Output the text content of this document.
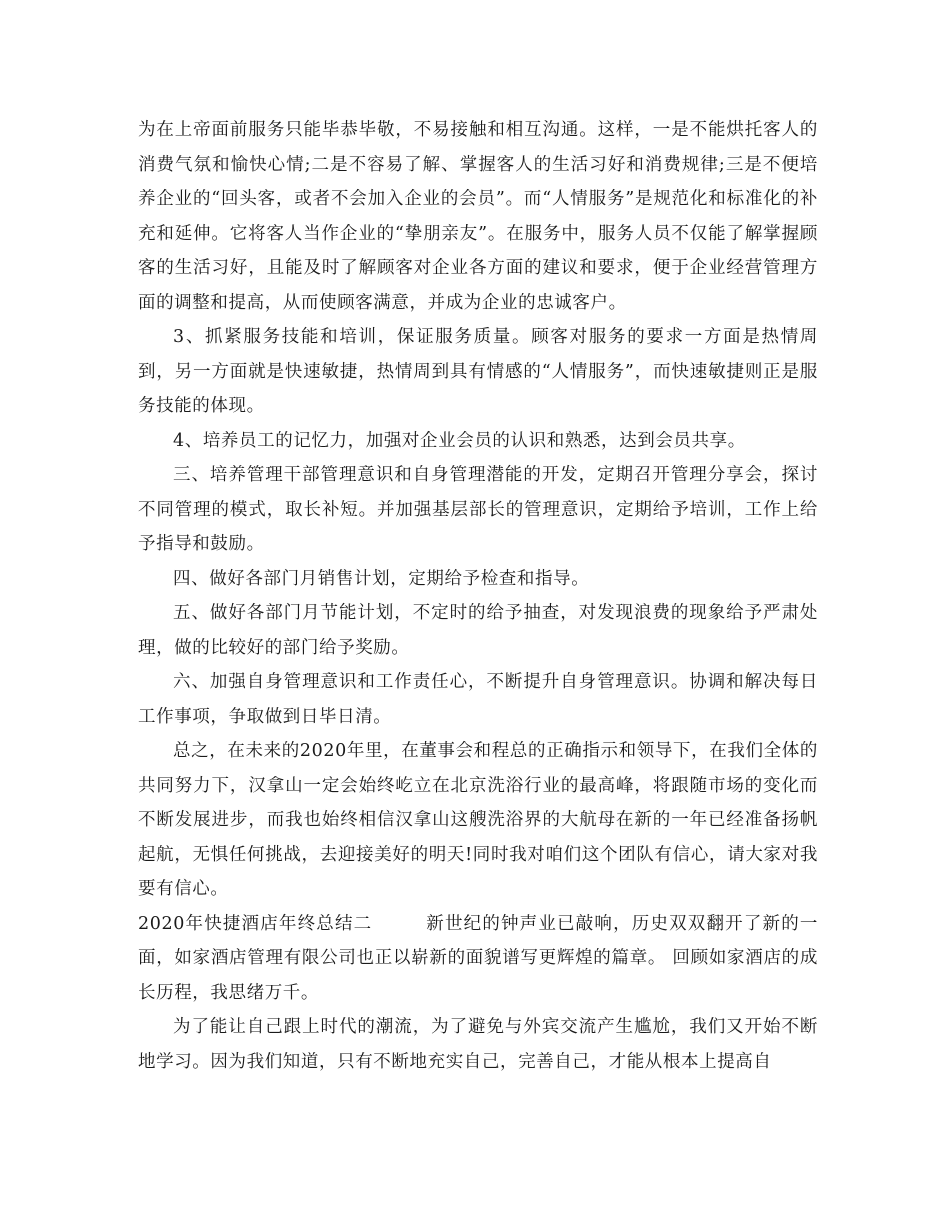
为在上帝面前服务只能毕恭毕敬，不易接触和相互沟通。这样，一是不能烘托客人的消费气氛和愉快心情;二是不容易了解、掌握客人的生活习好和消费规律;三是不便培养企业的“回头客，或者不会加入企业的会员”。而“人情服务”是规范化和标准化的补充和延伸。它将客人当作企业的“挚朋亲友”。在服务中，服务人员不仅能了解掌握顾客的生活习好，且能及时了解顾客对企业各方面的建议和要求，便于企业经营管理方面的调整和提高，从而使顾客满意，并成为企业的忠诚客户。

3、抓紧服务技能和培训，保证服务质量。顾客对服务的要求一方面是热情周到，另一方面就是快速敏捷，热情周到具有情感的“人情服务”，而快速敏捷则正是服务技能的体现。

4、培养员工的记忆力，加强对企业会员的认识和熟悉，达到会员共享。

三、培养管理干部管理意识和自身管理潜能的开发，定期召开管理分享会，探讨不同管理的模式，取长补短。并加强基层部长的管理意识，定期给予培训，工作上给予指导和鼓励。

四、做好各部门月销售计划，定期给予检查和指导。

五、做好各部门月节能计划，不定时的给予抽查，对发现浪费的现象给予严肃处理，做的比较好的部门给予奖励。

六、加强自身管理意识和工作责任心，不断提升自身管理意识。协调和解决每日工作事项，争取做到日毕日清。

总之，在未来的2020年里，在董事会和程总的正确指示和领导下，在我们全体的共同努力下，汉拿山一定会始终屹立在北京洗浴行业的最高峰，将跟随市场的变化而不断发展进步，而我也始终相信汉拿山这艘洗浴界的大航母在新的一年已经准备扬帆起航，无惧任何挑战，去迎接美好的明天!同时我对咱们这个团队有信心，请大家对我要有信心。

2020年快捷酒店年终总结二	新世纪的钟声业已敲响，历史双双翻开了新的一面，如家酒店管理有限公司也正以崭新的面貌谱写更辉煌的篇章。 回顾如家酒店的成长历程，我思绪万千。

为了能让自己跟上时代的潮流，为了避免与外宾交流产生尴尬，我们又开始不断地学习。因为我们知道，只有不断地充实自己，完善自己，才能从根本上提高自
